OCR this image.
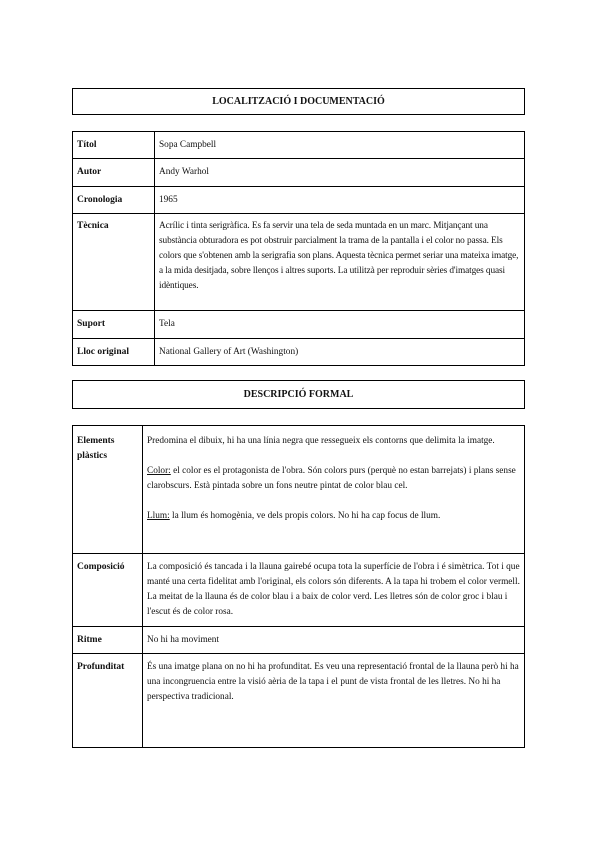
LOCALITZACIÓ I DOCUMENTACIÓ
Títol	Sopa Campbell
Autor	Andy Warhol
Cronologia	1965
Tècnica	Acrílic i tinta serigràfica. Es fa servir una tela de seda muntada en un marc. Mitjançant una substància obturadora es pot obstruir parcialment la trama de la pantalla i el color no passa. Els colors que s'obtenen amb la serigrafia son plans. Aquesta tècnica permet seriar una mateixa imatge, a la mida desitjada, sobre llenços i altres suports. La utilitzà per reproduir sèries d'imatges quasi idèntiques.
Suport	Tela
Lloc original	National Gallery of Art (Washington)
DESCRIPCIÓ FORMAL
Elements plàstics	Predomina el dibuix, hi ha una línia negra que ressegueix els contorns que delimita la imatge.

Color: el color es el protagonista de l'obra. Són colors purs (perquè no estan barrejats) i plans sense clarobscurs. Està pintada sobre un fons neutre pintat de color blau cel.

Llum: la llum és homogènia, ve dels propis colors. No hi ha cap focus de llum.

Composició	La composició és tancada i la llauna gairebé ocupa tota la superfície de l'obra i é simètrica. Tot i que manté una certa fidelitat amb l'original, els colors són diferents. A la tapa hi trobem el color vermell. La meitat de la llauna és de color blau i a baix de color verd. Les lletres són de color groc i blau i l'escut és de color rosa.
Ritme	No hi ha moviment
Profunditat	És una imatge plana on no hi ha profunditat. Es veu una representació frontal de la llauna però hi ha una incongruencia entre la visió aèria de la tapa i el punt de vista frontal de les lletres. No hi ha perspectiva tradicional.
